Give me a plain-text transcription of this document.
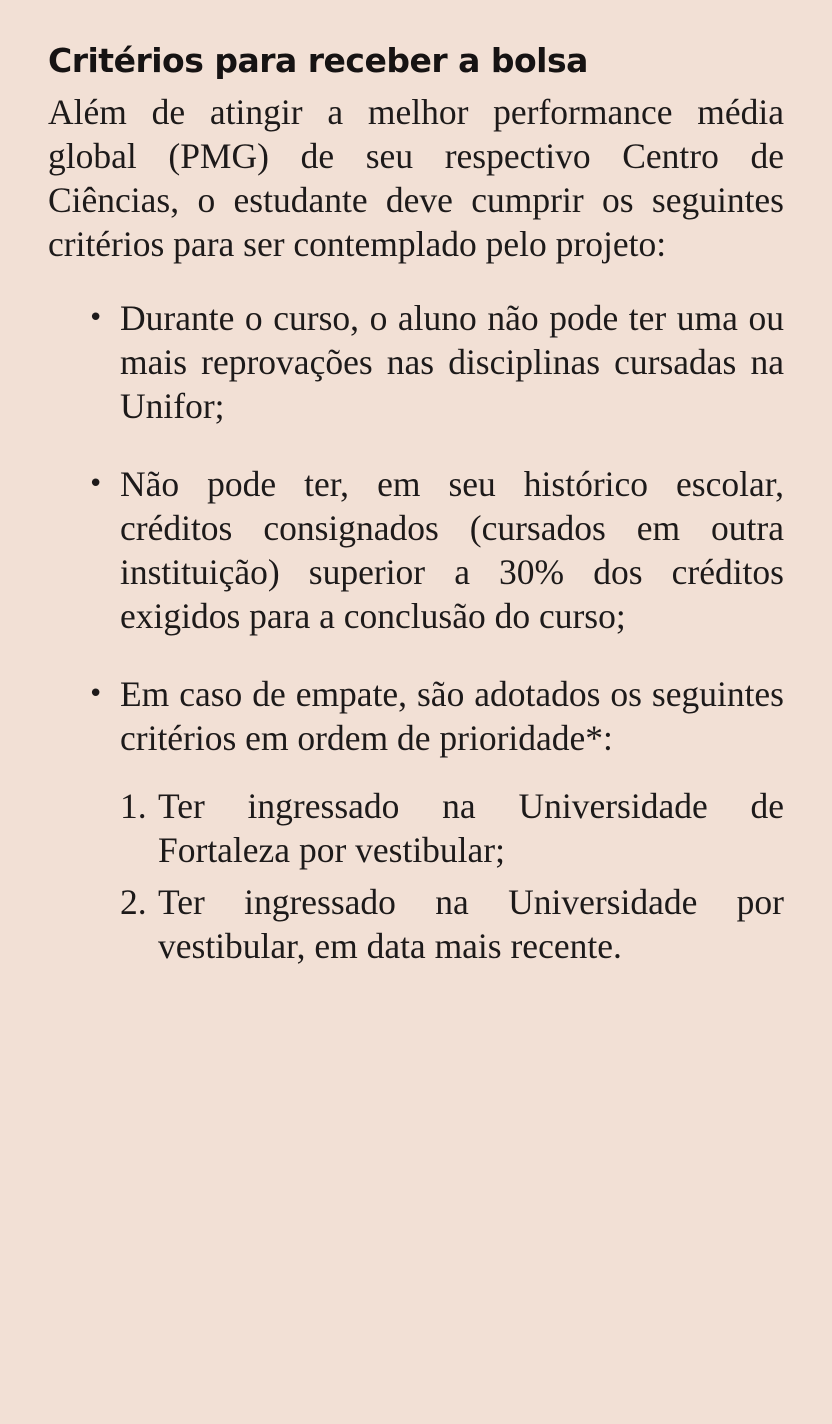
Critérios para receber a bolsa

Além de atingir a melhor performance média global (PMG) de seu respectivo Centro de Ciências, o estudante deve cumprir os seguintes critérios para ser contemplado pelo projeto:

• Durante o curso, o aluno não pode ter uma ou mais reprovações nas disciplinas cursadas na Unifor;
• Não pode ter, em seu histórico escolar, créditos consignados (cursados em outra instituição) superior a 30% dos créditos exigidos para a conclusão do curso;
• Em caso de empate, são adotados os seguintes critérios em ordem de prioridade*:
1. Ter ingressado na Universidade de Fortaleza por vestibular;
2. Ter ingressado na Universidade por vestibular, em data mais recente.
